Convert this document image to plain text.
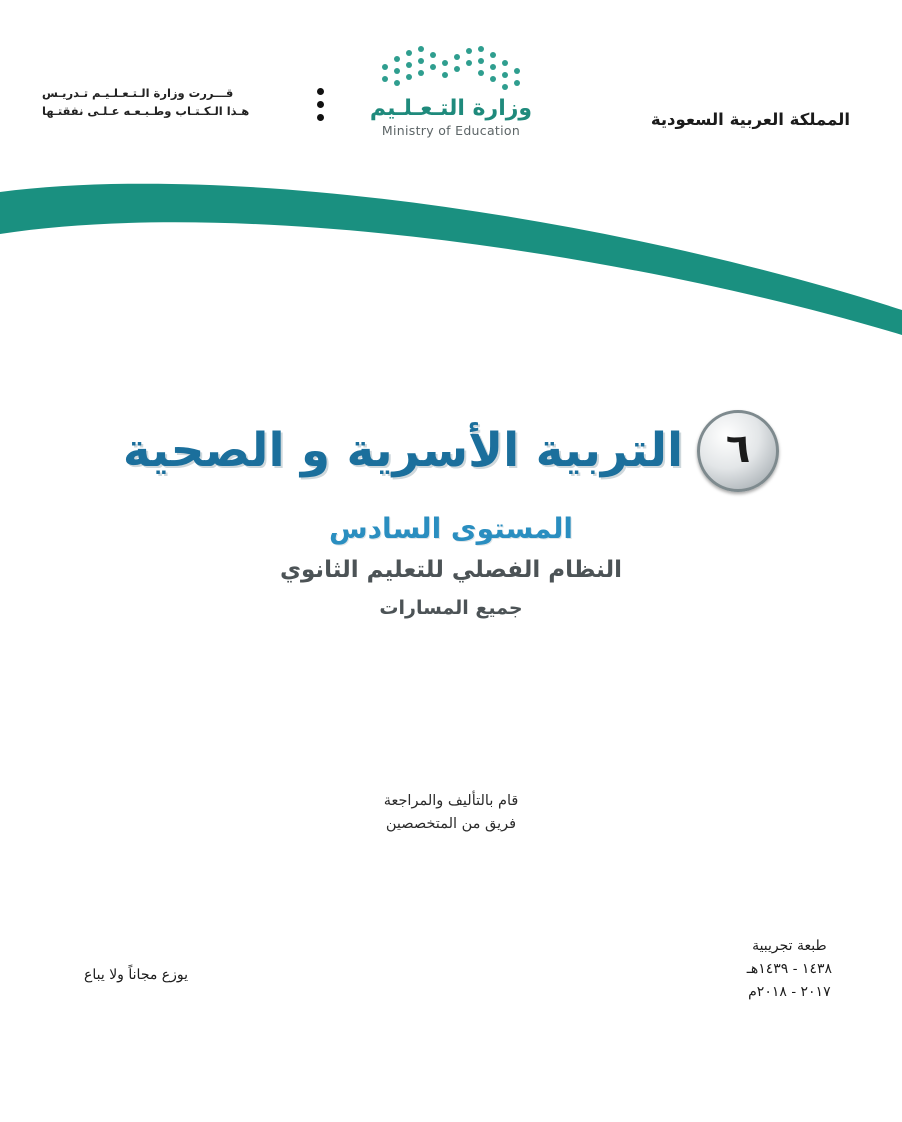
المملكة العربية السعودية
وزارة التـعـلـيم
Ministry of Education
قـــررت وزارة الـتـعـلـيـم تـدريـس
هـذا الـكـتـاب وطـبـعـه عـلـى نفقتـها
٦
التربية الأسرية و الصحية
المستوى السادس
النظام الفصلي للتعليم الثانوي
جميع المسارات
قام بالتأليف والمراجعة
فريق من المتخصصين
طبعة تجريبية
١٤٣٨ - ١٤٣٩هـ
٢٠١٧ - ٢٠١٨م
يوزع مجاناً ولا يباع
